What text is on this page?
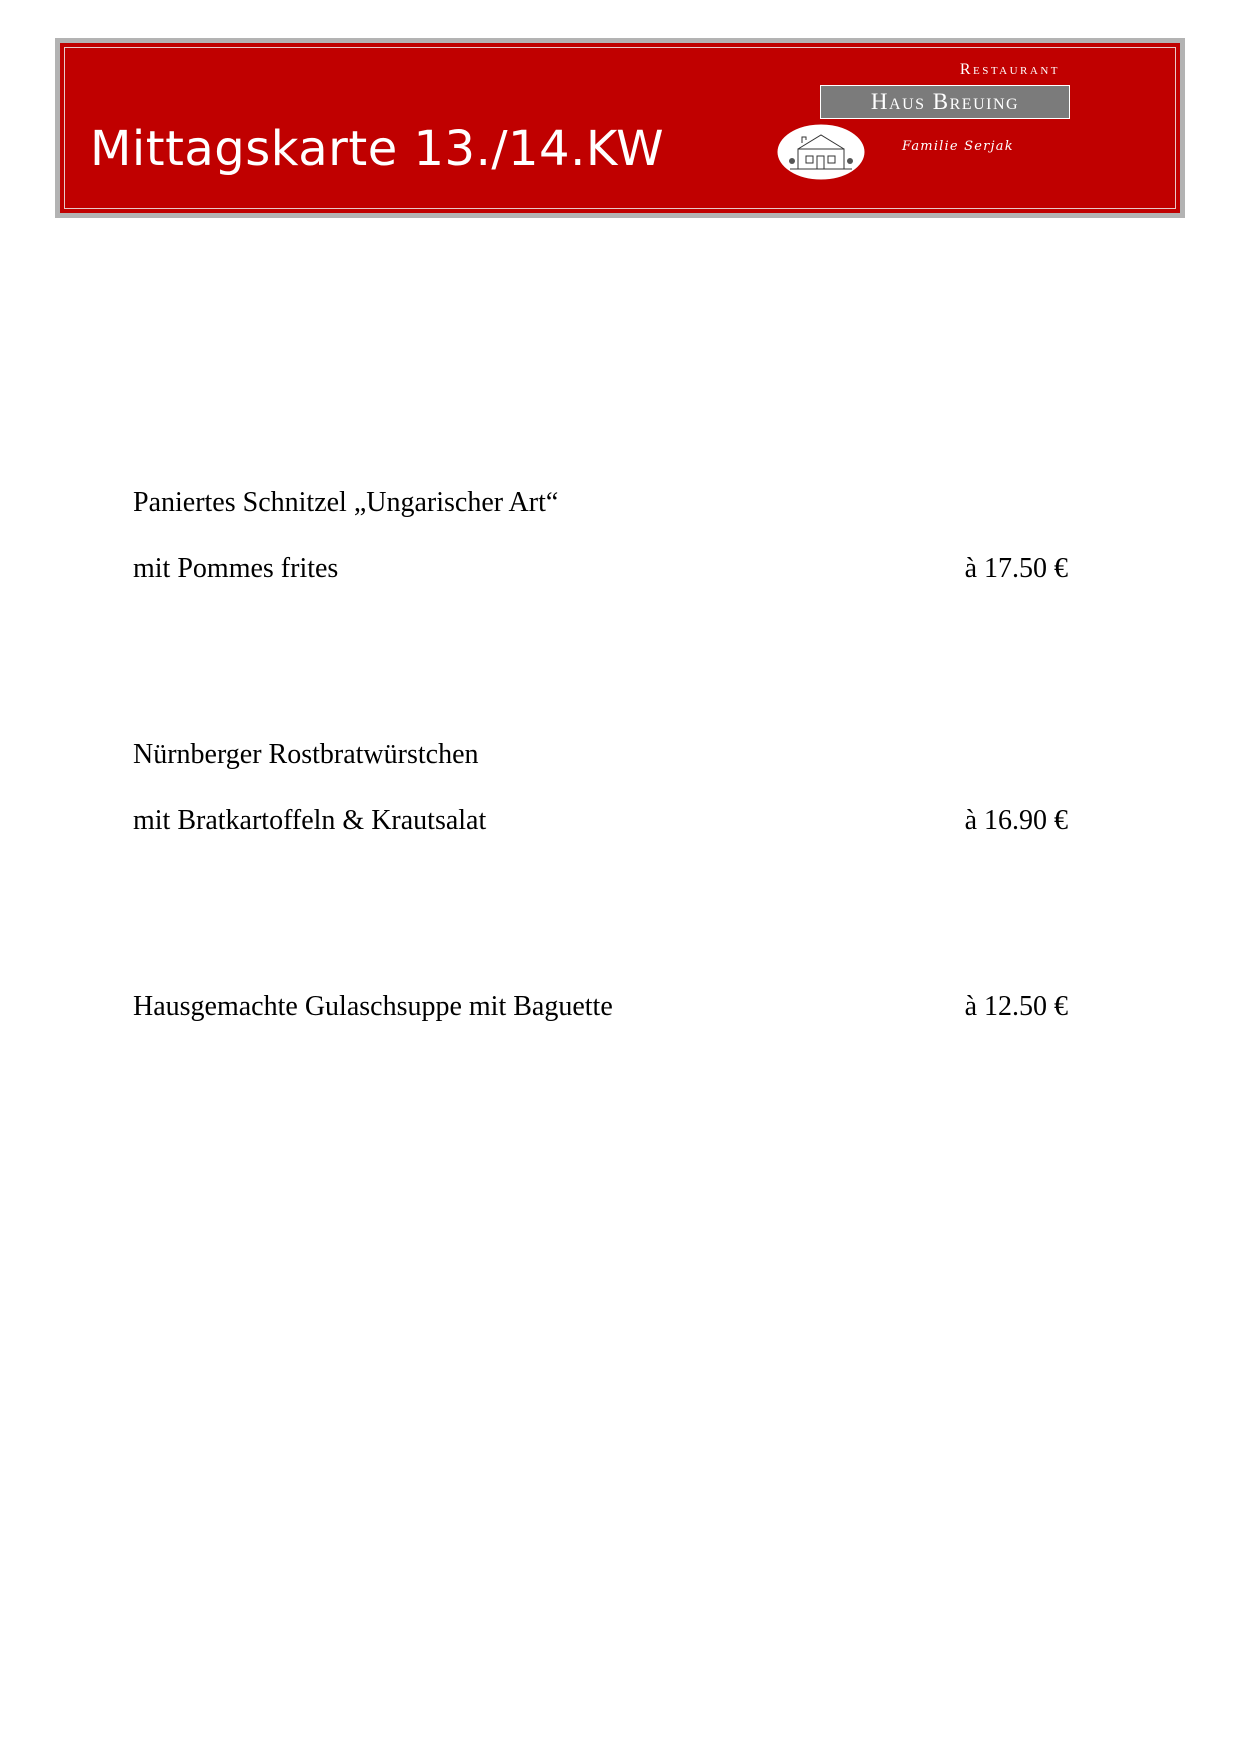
Mittagskarte 13./14.KW
Restaurant
Haus Breuing
Familie Serjak
Paniertes Schnitzel „Ungarischer Art“
mit Pommes frites	à 17.50 €
Nürnberger Rostbratwürstchen
mit Bratkartoffeln & Krautsalat	à 16.90 €
Hausgemachte Gulaschsuppe mit Baguette	à 12.50 €
